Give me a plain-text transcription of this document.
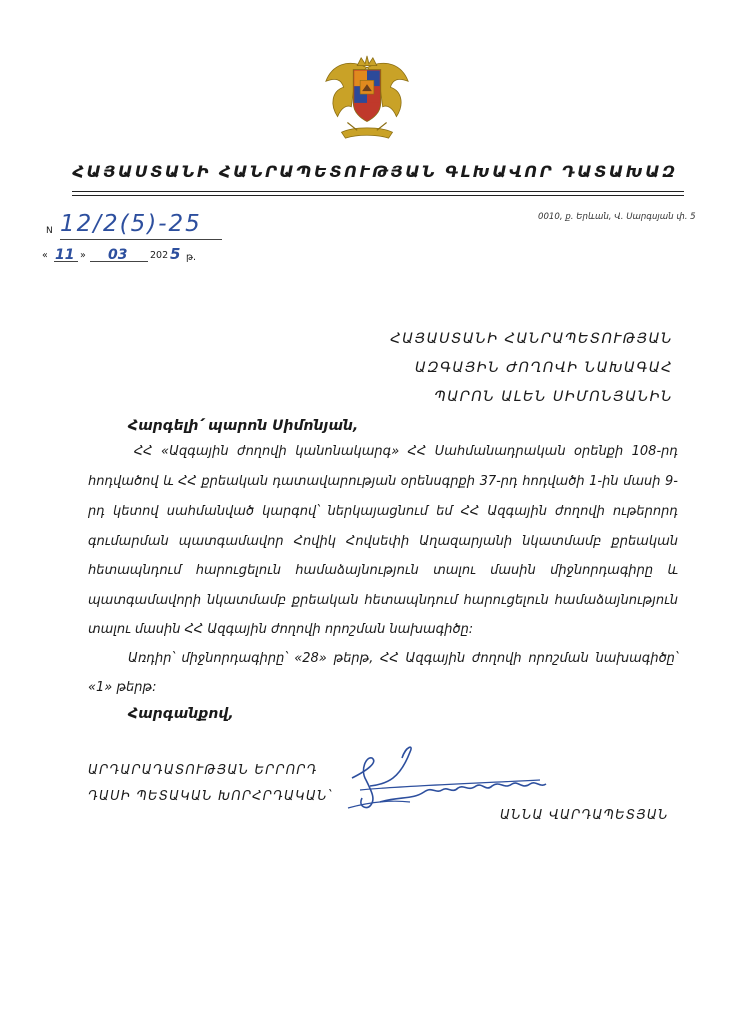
ՀԱՅԱՍՏԱՆԻ ՀԱՆՐԱՊԵՏՈՒԹՅԱՆ ԳԼԽԱՎՈՐ ԴԱՏԱԽԱԶ
0010, ք. Երևան, Վ. Սարգսյան փ. 5
N 12/2(5)-25
« 11 » 03 202 5 թ.
ՀԱՅԱՍՏԱՆԻ ՀԱՆՐԱՊԵՏՈՒԹՅԱՆ
ԱԶԳԱՅԻՆ ԺՈՂՈՎԻ ՆԱԽԱԳԱՀ
ՊԱՐՈՆ ԱԼԵՆ ՍԻՄՈՆՅԱՆԻՆ
Հարգելի՛ պարոն Սիմոնյան,
ՀՀ «Ազգային ժողովի կանոնակարգ» ՀՀ Սահմանադրական օրենքի 108-րդ
հոդվածով և ՀՀ քրեական դատավարության օրենսգրքի 37-րդ հոդվածի 1-ին մասի 9-
րդ կետով սահմանված կարգով՝ ներկայացնում եմ ՀՀ Ազգային ժողովի ութերորդ
գումարման պատգամավոր Հովիկ Հովսեփի Աղազարյանի նկատմամբ քրեական
հետապնդում հարուցելուն համաձայնություն տալու մասին միջնորդագիրը և
պատգամավորի նկատմամբ քրեական հետապնդում հարուցելուն համաձայնություն
տալու մասին ՀՀ Ազգային ժողովի որոշման նախագիծը:
Առդիր՝ միջնորդագիրը՝ «28» թերթ, ՀՀ Ազգային ժողովի որոշման նախագիծը՝
«1» թերթ:
Հարգանքով,
ԱՐԴԱՐԱԴԱՏՈՒԹՅԱՆ ԵՐՐՈՐԴ
ԴԱՍԻ ՊԵՏԱԿԱՆ ԽՈՐՀՐԴԱԿԱՆ՝
ԱՆՆԱ ՎԱՐԴԱՊԵՏՅԱՆ
